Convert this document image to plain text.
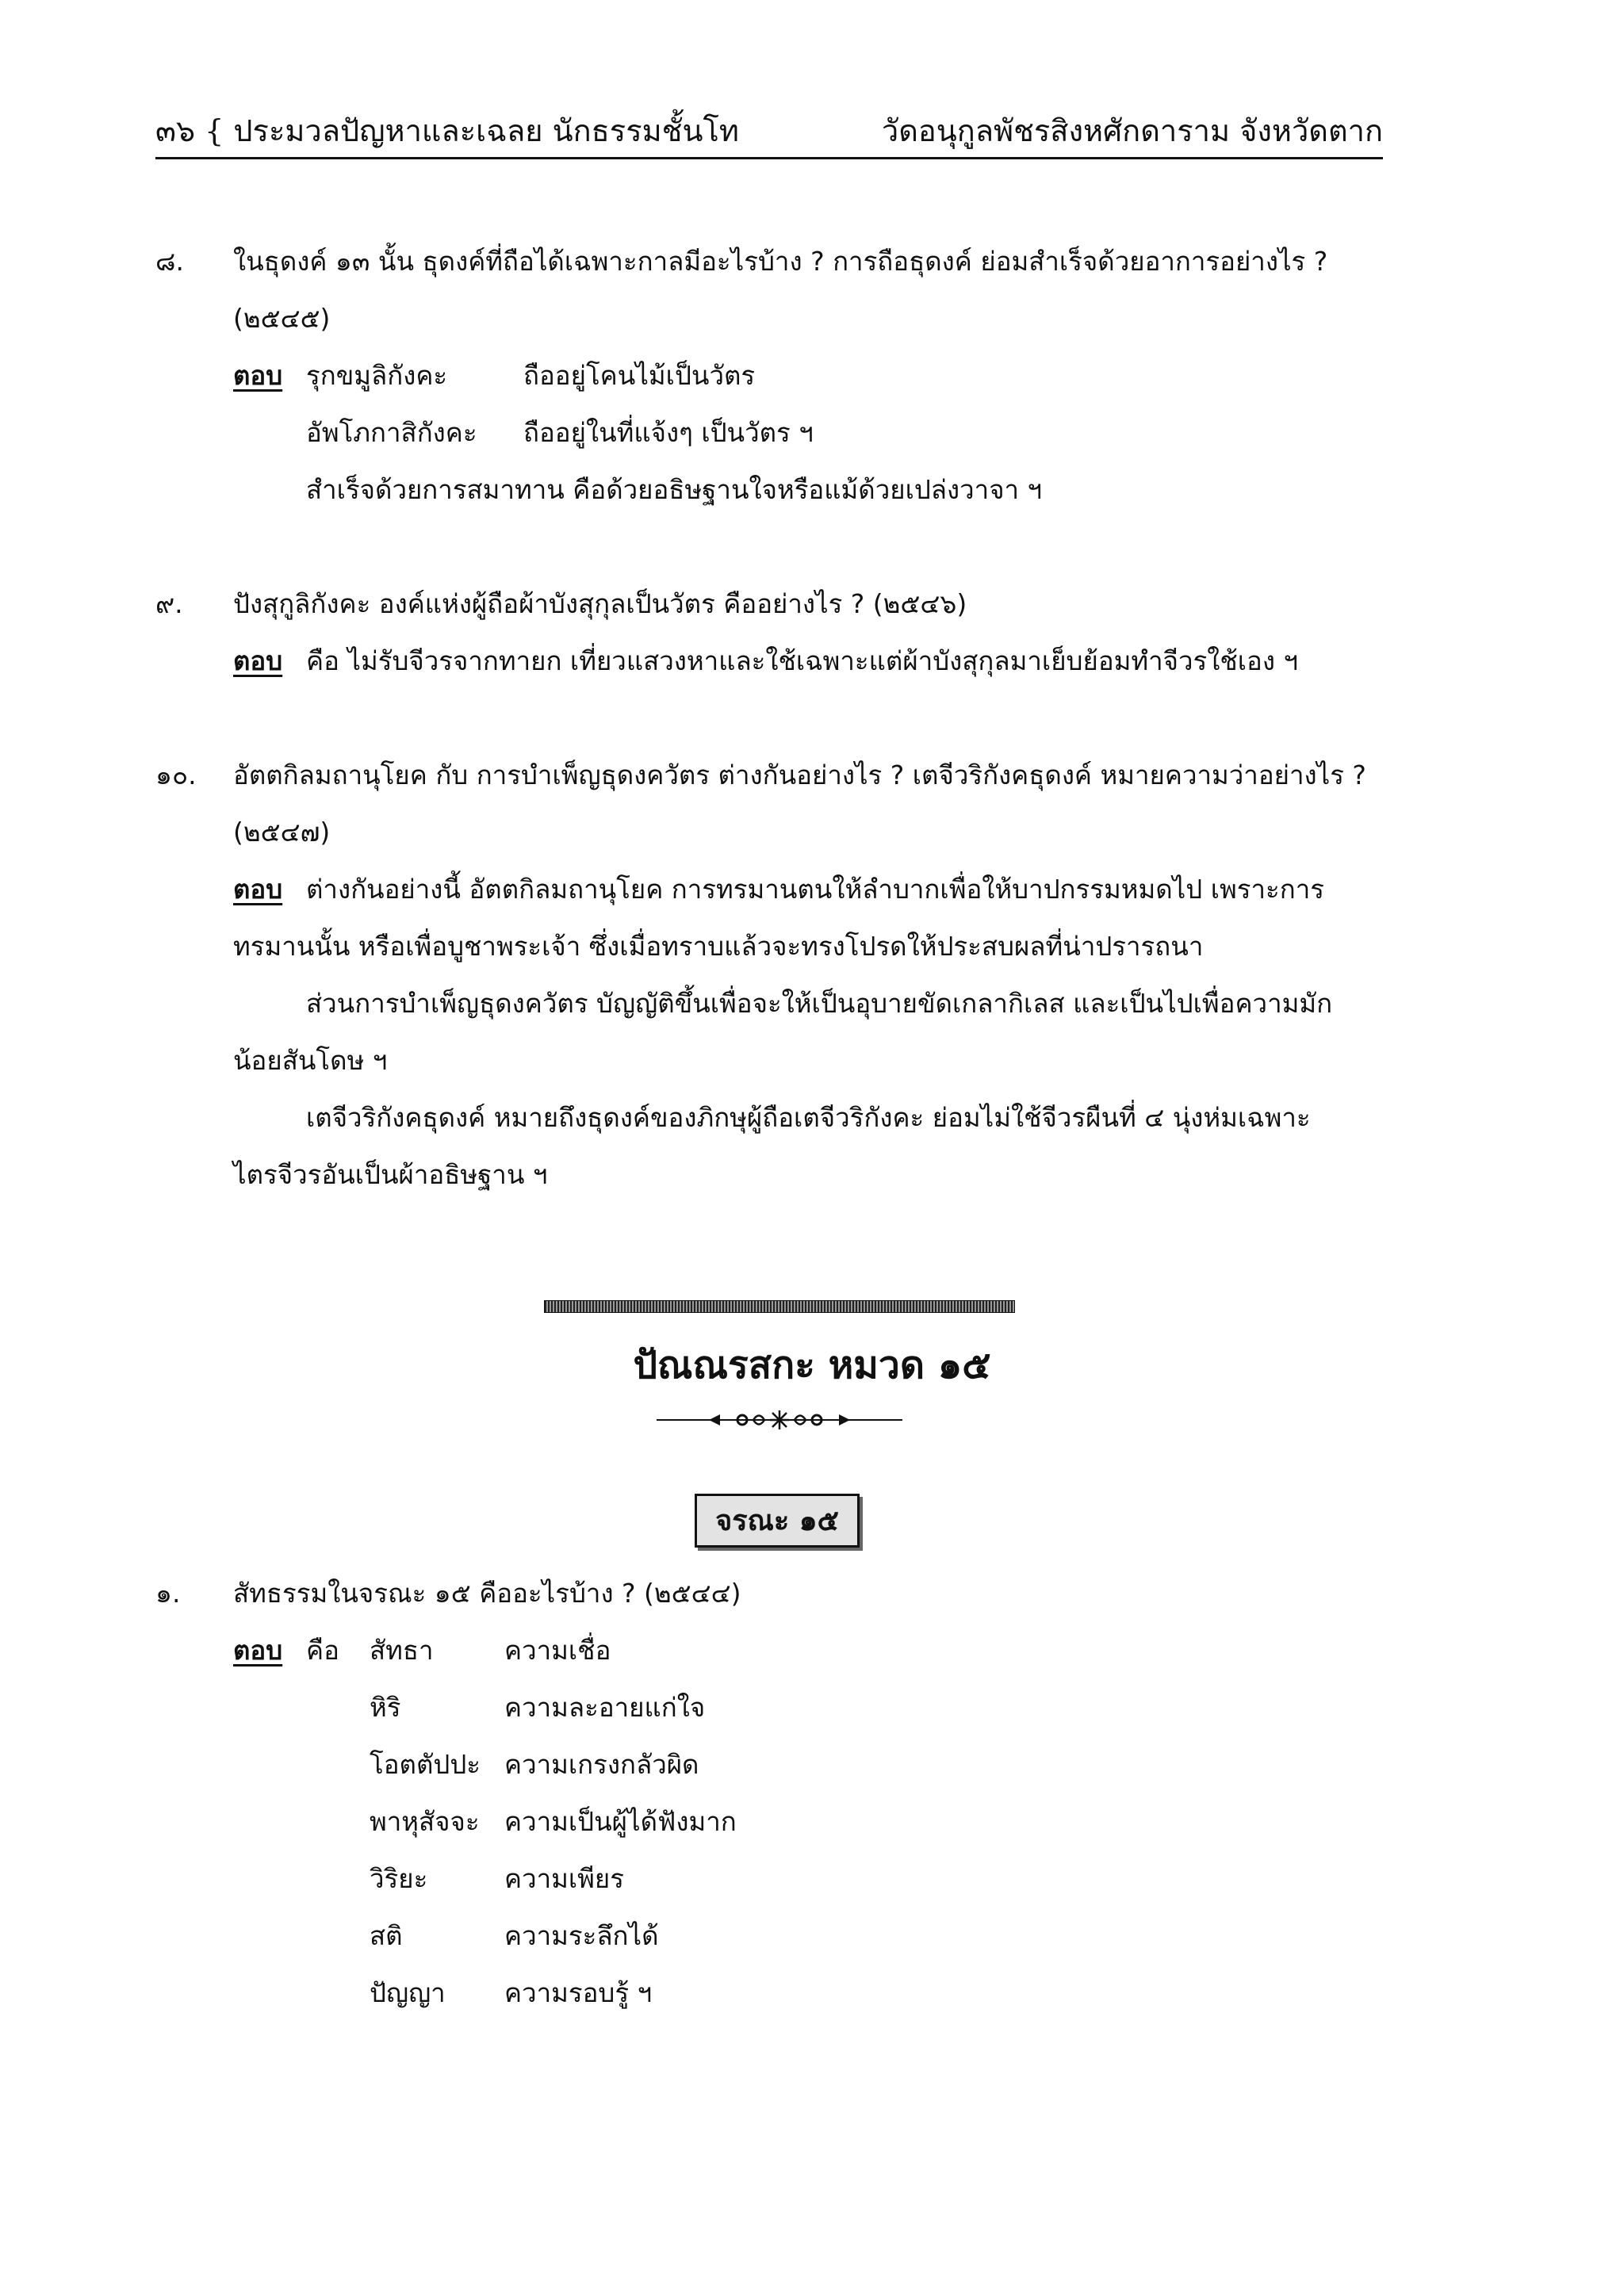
๓๖ { ประมวลปัญหาและเฉลย นักธรรมชั้นโท	วัดอนุกูลพัชรสิงหศักดาราม จังหวัดตาก
๘. ในธุดงค์ ๑๓ นั้น ธุดงค์ที่ถือได้เฉพาะกาลมีอะไรบ้าง ? การถือธุดงค์ ย่อมสำเร็จด้วยอาการอย่างไร ?
(๒๕๔๕)
ตอบ รุกขมูลิกังคะ	ถืออยู่โคนไม้เป็นวัตร
อัพโภกาสิกังคะ ถืออยู่ในที่แจ้งๆ เป็นวัตร ฯ
สำเร็จด้วยการสมาทาน คือด้วยอธิษฐานใจหรือแม้ด้วยเปล่งวาจา ฯ
๙. ปังสุกูลิกังคะ องค์แห่งผู้ถือผ้าบังสุกุลเป็นวัตร คืออย่างไร ? (๒๕๔๖)
ตอบ คือ ไม่รับจีวรจากทายก เที่ยวแสวงหาและใช้เฉพาะแต่ผ้าบังสุกุลมาเย็บย้อมทำจีวรใช้เอง ฯ
๑๐. อัตตกิลมถานุโยค กับ การบำเพ็ญธุดงควัตร ต่างกันอย่างไร ? เตจีวริกังคธุดงค์ หมายความว่าอย่างไร ?
(๒๕๔๗)
ตอบ ต่างกันอย่างนี้ อัตตกิลมถานุโยค การทรมานตนให้ลำบากเพื่อให้บาปกรรมหมดไป เพราะการ
ทรมานนั้น หรือเพื่อบูชาพระเจ้า ซึ่งเมื่อทราบแล้วจะทรงโปรดให้ประสบผลที่น่าปรารถนา
ส่วนการบำเพ็ญธุดงควัตร บัญญัติขึ้นเพื่อจะให้เป็นอุบายขัดเกลากิเลส และเป็นไปเพื่อความมัก
น้อยสันโดษ ฯ
เตจีวริกังคธุดงค์ หมายถึงธุดงค์ของภิกษุผู้ถือเตจีวริกังคะ ย่อมไม่ใช้จีวรผืนที่ ๔ นุ่งห่มเฉพาะ
ไตรจีวรอันเป็นผ้าอธิษฐาน ฯ
ปัณณรสกะ หมวด ๑๕
จรณะ ๑๕
๑. สัทธรรมในจรณะ ๑๕ คืออะไรบ้าง ? (๒๕๔๔)
ตอบ คือ สัทธา	ความเชื่อ
หิริ	ความละอายแก่ใจ
โอตตัปปะ ความเกรงกลัวผิด
พาหุสัจจะ ความเป็นผู้ได้ฟังมาก
วิริยะ	ความเพียร
สติ	ความระลึกได้
ปัญญา ความรอบรู้ ฯ
